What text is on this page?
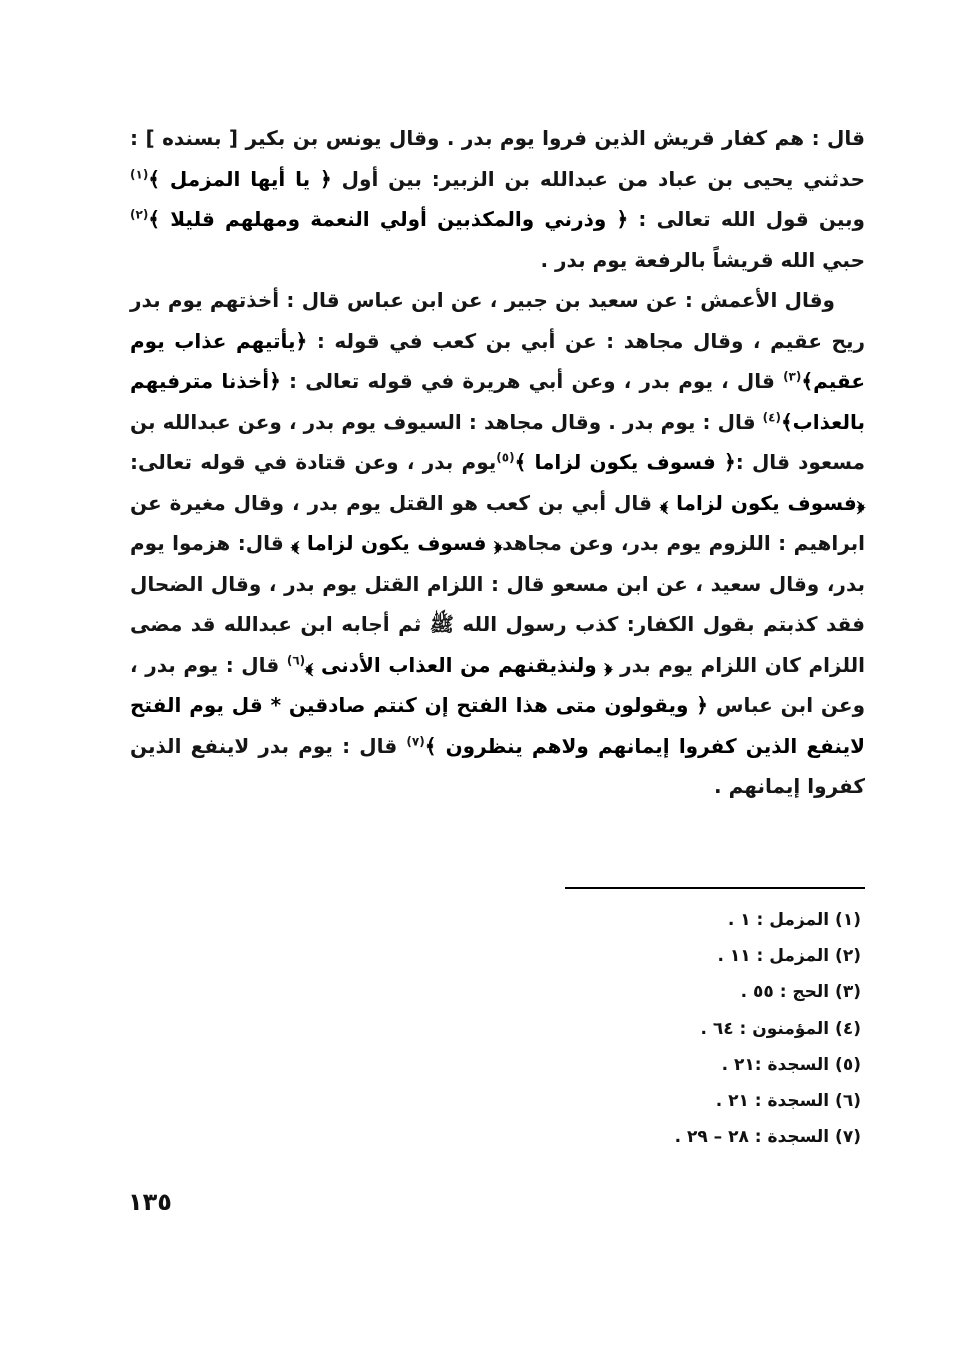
قال : هم كفار قريش الذين فروا يوم بدر . وقال يونس بن بكير [ بسنده ] : حدثني يحيى بن عباد من عبدالله بن الزبير: بين أول ﴿ يا أيها المزمل ﴾$^{(١)}$ وبين قول الله تعالى : ﴿ وذرني والمكذبين أولي النعمة ومهلهم قليلا ﴾$^{(٢)}$ حبي الله قريشاً بالرفعة يوم بدر .

وقال الأعمش : عن سعيد بن جبير ، عن ابن عباس قال : أخذتهم يوم بدر ريح عقيم ، وقال مجاهد : عن أبي بن كعب في قوله : ﴿يأتيهم عذاب يوم عقيم﴾$^{(٣)}$ قال ، يوم بدر ، وعن أبي هريرة في قوله تعالى : ﴿أخذنا مترفيهم بالعذاب﴾$^{(٤)}$ قال : يوم بدر . وقال مجاهد : السيوف يوم بدر ، وعن عبدالله بن مسعود قال :﴿ فسوف يكون لزاما ﴾$^{(٥)}$يوم بدر ، وعن قتادة في قوله تعالى:﴿فسوف يكون لزاما ﴾ قال أبي بن كعب هو القتل يوم بدر ، وقال مغيرة عن ابراهيم : اللزوم يوم بدر، وعن مجاهد﴿ فسوف يكون لزاما ﴾ قال: هزموا يوم بدر، وقال سعيد ، عن ابن مسعو قال : اللزام القتل يوم بدر ، وقال الضحال فقد كذبتم بقول الكفار: كذب رسول الله ﷺ ثم أجابه ابن عبدالله قد مضى اللزام كان اللزام يوم بدر ﴿ ولنذيقنهم من العذاب الأدنى ﴾$^{(٦)}$ قال : يوم بدر ، وعن ابن عباس ﴿ ويقولون متى هذا الفتح إن كنتم صادقين * قل يوم الفتح لاينفع الذين كفروا إيمانهم ولاهم ينظرون ﴾$^{(٧)}$ قال : يوم بدر لاينفع الذين كفروا إيمانهم .

(١) المزمل : ١ .
(٢) المزمل : ١١ .
(٣) الحج : ٥٥ .
(٤) المؤمنون : ٦٤ .
(٥) السجدة :٢١ .
(٦) السجدة : ٢١ .
(٧) السجدة : ٢٨ – ٢٩ .
١٣٥
